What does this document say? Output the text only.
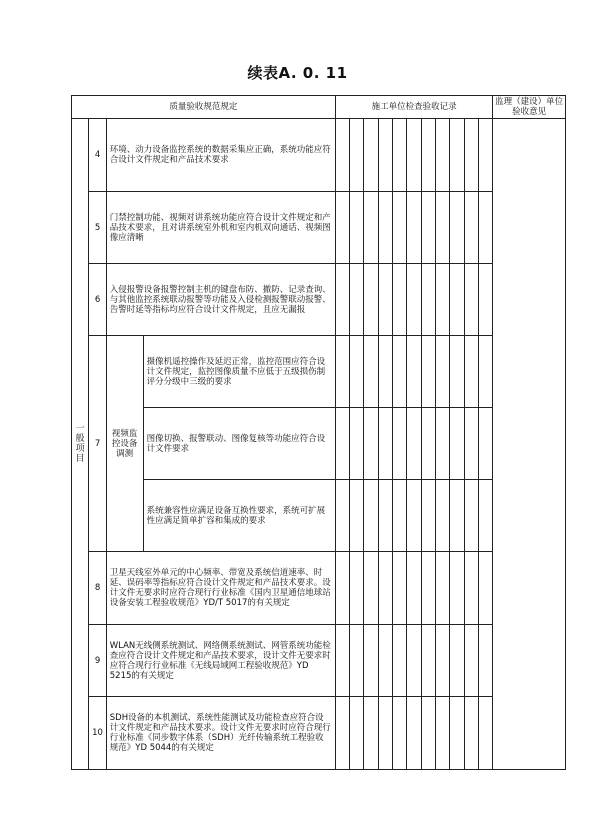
续表A. 0. 11
质量验收规范规定				施工单位检查验收记录											监理（建设）单位验收意见
一般项目	4	环境、动力设备监控系统的数据采集应正确，系统功能应符合设计文件规定和产品技术要求													
	5	门禁控制功能、视频对讲系统功能应符合设计文件规定和产品技术要求，且对讲系统室外机和室内机双向通话、视频图像应清晰													
	6	入侵报警设备报警控制主机的键盘布防、撤防、记录查询、与其他监控系统联动报警等功能及入侵检测报警联动报警、告警时延等指标均应符合设计文件规定，且应无漏报													
	7	视频监控设备调测	摄像机遥控操作及延迟正常，监控范围应符合设计文件规定，监控图像质量不应低于五级损伤制评分分级中三级的要求												
			图像切换、报警联动、图像复核等功能应符合设计文件要求												
			系统兼容性应满足设备互换性要求，系统可扩展性应满足简单扩容和集成的要求												
	8	卫星天线室外单元的中心频率、带宽及系统信道速率、时延、误码率等指标应符合设计文件规定和产品技术要求。设计文件无要求时应符合现行行业标准《国内卫星通信地球站设备安装工程验收规范》YD/T 5017的有关规定													
	9	WLAN无线侧系统测试、网络侧系统测试、网管系统功能检查应符合设计文件规定和产品技术要求，设计文件无要求时应符合现行行业标准《无线局域网工程验收规范》YD 5215的有关规定													
	10	SDH设备的本机测试、系统性能测试及功能检查应符合设计文件规定和产品技术要求。设计文件无要求时应符合现行行业标准《同步数字体系（SDH）光纤传输系统工程验收规范》YD 5044的有关规定													
